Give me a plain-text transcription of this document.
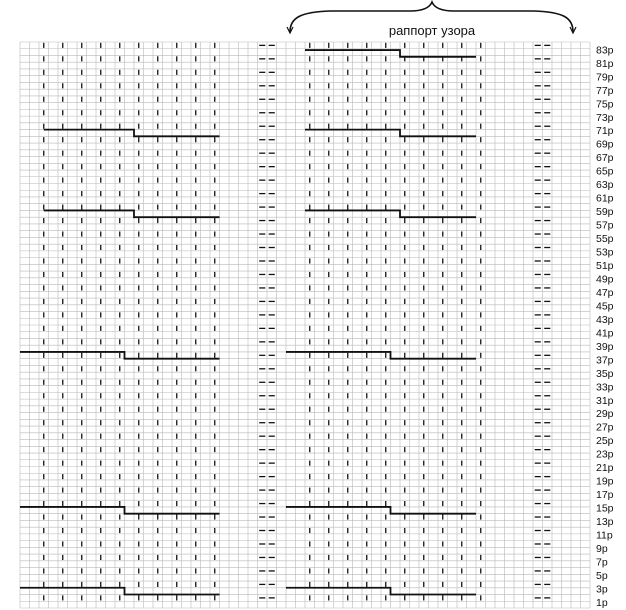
раппорт узора
83р
81р
79р
77р
75р
73р
71р
69р
67р
65р
63р
61р
59р
57р
55р
53р
51р
49р
47р
45р
43р
41р
39р
37р
35р
33р
31р
29р
27р
25р
23р
21р
19р
17р
15р
13р
11р
9р
7р
5р
3р
1р
